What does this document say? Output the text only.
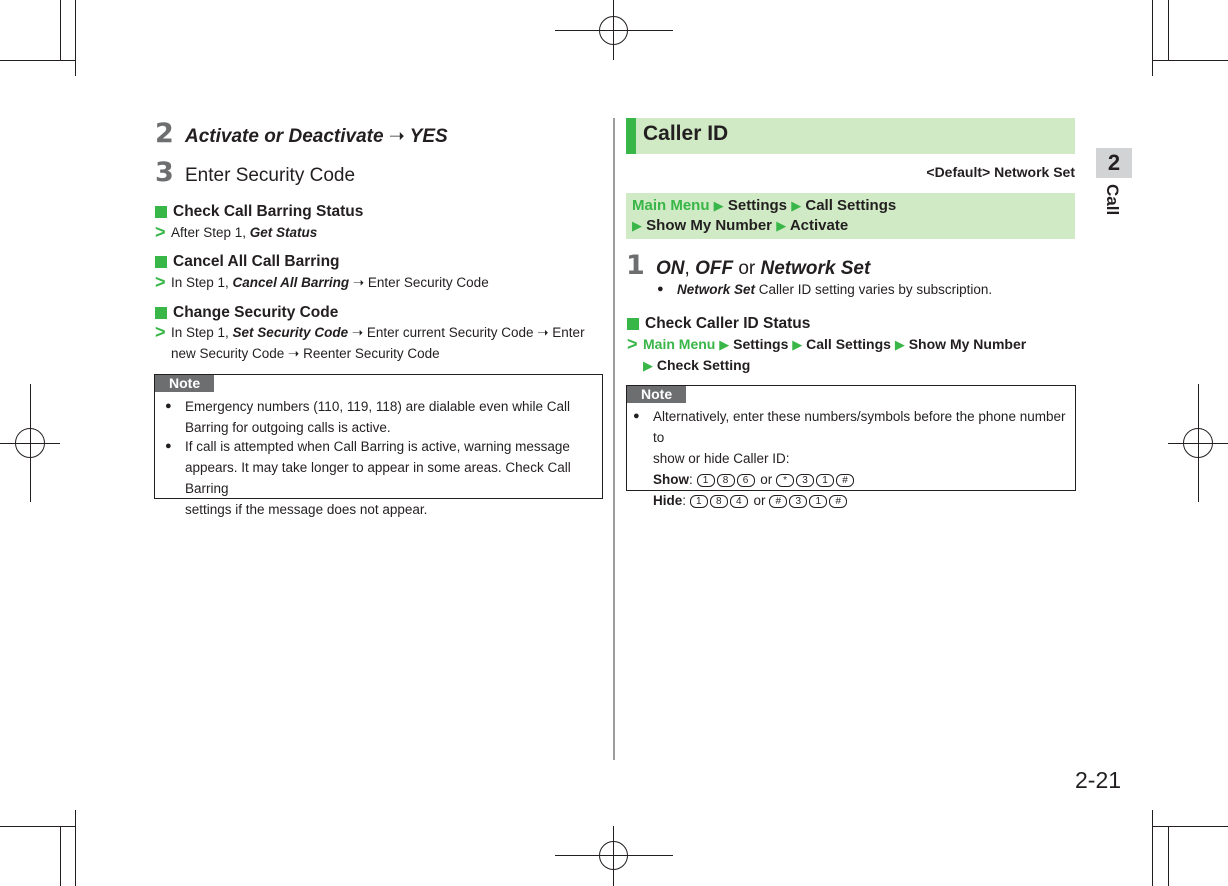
2 Activate or Deactivate ➝ YES
3 Enter Security Code
Check Call Barring Status
> After Step 1, Get Status
Cancel All Call Barring
> In Step 1, Cancel All Barring ➝ Enter Security Code
Change Security Code
> In Step 1, Set Security Code ➝ Enter current Security Code ➝ Enter
new Security Code ➝ Reenter Security Code
Note
● Emergency numbers (110, 119, 118) are dialable even while Call
Barring for outgoing calls is active.
● If call is attempted when Call Barring is active, warning message
appears. It may take longer to appear in some areas. Check Call Barring
settings if the message does not appear.
Caller ID
<Default> Network Set
Main Menu ▶ Settings ▶ Call Settings
▶ Show My Number ▶ Activate
1 ON, OFF or Network Set
● Network Set Caller ID setting varies by subscription.
Check Caller ID Status
> Main Menu ▶ Settings ▶ Call Settings ▶ Show My Number
▶ Check Setting
Note
● Alternatively, enter these numbers/symbols before the phone number to
show or hide Caller ID:
Show: 1 8 6 or * 3 1 #
Hide: 1 8 4 or # 3 1 #
2
Call
2-21
